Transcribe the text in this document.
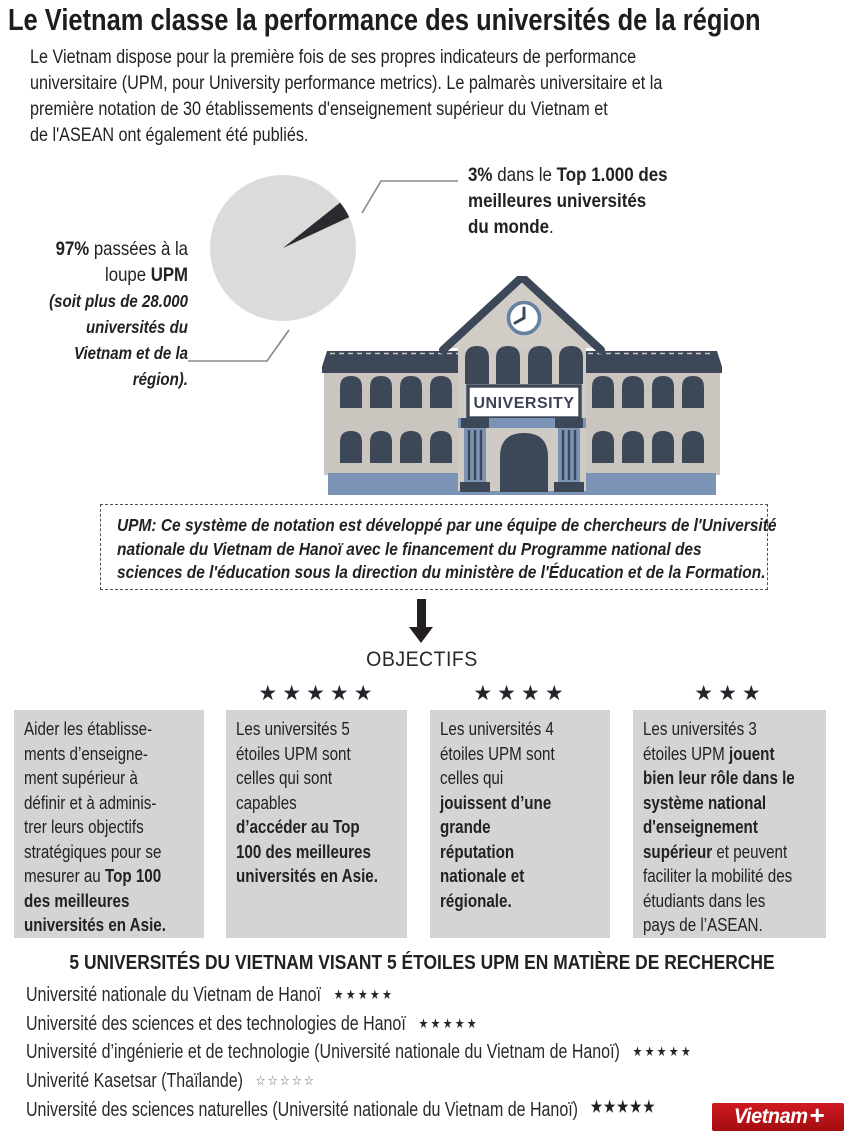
Le Vietnam classe la performance des universités de la région

Le Vietnam dispose pour la première fois de ses propres indicateurs de performance
universitaire (UPM, pour University performance metrics). Le palmarès universitaire et la
première notation de 30 établissements d'enseignement supérieur du Vietnam et
de l'ASEAN ont également été publiés.

97% passées à la
loupe UPM
(soit plus de 28.000
universités du
Vietnam et de la
région).
3% dans le Top 1.000 des
meilleures universités
du monde.
UNIVERSITY
UPM: Ce système de notation est développé par une équipe de chercheurs de l'Université
nationale du Vietnam de Hanoï avec le financement du Programme national des
sciences de l'éducation sous la direction du ministère de l'Éducation et de la Formation.
OBJECTIFS
★★★★★	★★★★	★★★
Aider les établisse-
ments d’enseigne-
ment supérieur à
définir et à adminis-
trer leurs objectifs
stratégiques pour se
mesurer au Top 100
des meilleures
universités en Asie.
Les universités 5
étoiles UPM sont
celles qui sont
capables
d’accéder au Top
100 des meilleures
universités en Asie.
Les universités 4
étoiles UPM sont
celles qui
jouissent d’une
grande
réputation
nationale et
régionale.
Les universités 3
étoiles UPM jouent
bien leur rôle dans le
système national
d'enseignement
supérieur et peuvent
faciliter la mobilité des
étudiants dans les
pays de l’ASEAN.
5 UNIVERSITÉS DU VIETNAM VISANT 5 ÉTOILES UPM EN MATIÈRE DE RECHERCHE
Université nationale du Vietnam de Hanoï ★★★★★
Université des sciences et des technologies de Hanoï ★★★★★
Université d’ingénierie et de technologie (Université nationale du Vietnam de Hanoï) ★★★★★
Univerité Kasetsar (Thaïlande) ☆☆☆☆☆
Université des sciences naturelles (Université nationale du Vietnam de Hanoï) ★★★★★	Vietnam +
